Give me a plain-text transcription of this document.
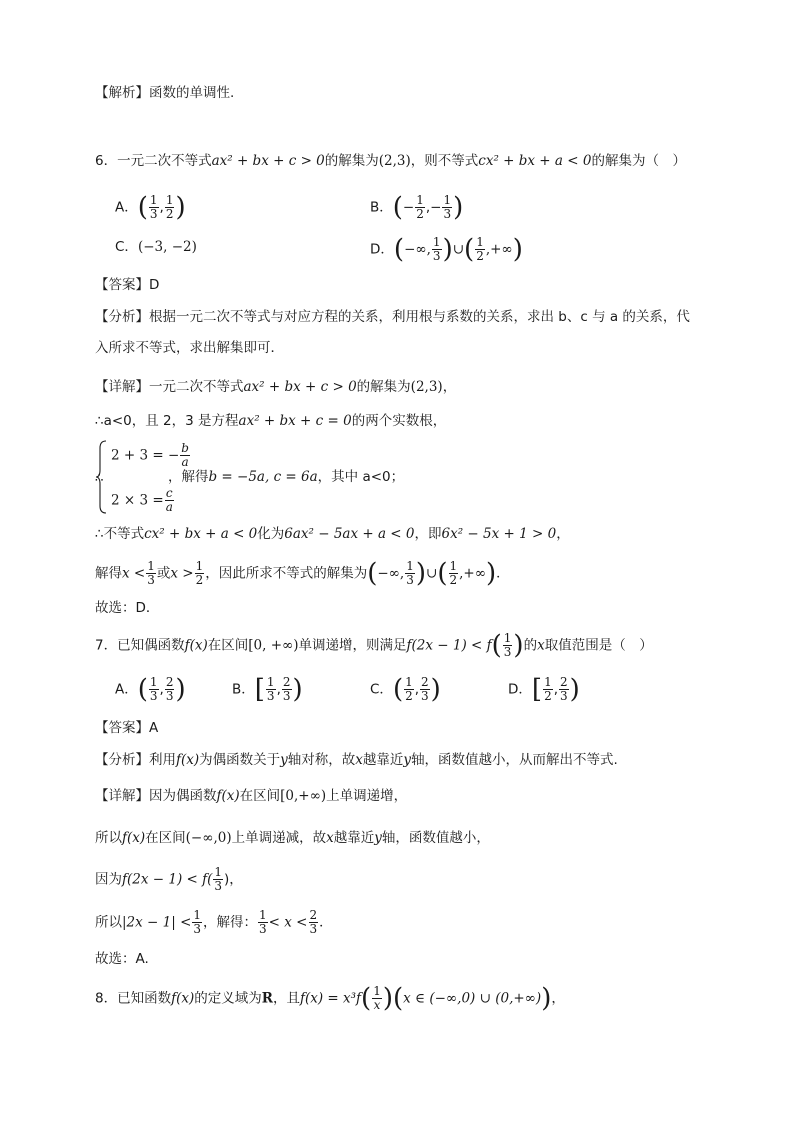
【解析】函数的单调性.
6．一元二次不等式ax² + bx + c > 0的解集为(2,3)，则不等式cx² + bx + a < 0的解集为（　）
A．( $\frac{1}{3}$ , $\frac{1}{2}$ )	B．(− $\frac{1}{2}$ ,− $\frac{1}{3}$ )
C．(−3, −2)	D．(−∞, $\frac{1}{3}$ )∪( $\frac{1}{2}$ ,+∞)
【答案】D
【分析】根据一元二次不等式与对应方程的关系，利用根与系数的关系，求出 b、c 与 a 的关系，代
入所求不等式，求出解集即可．
【详解】一元二次不等式ax² + bx + c > 0的解集为(2,3)，
∴a<0，且 2，3 是方程ax² + bx + c = 0的两个实数根，
2 + 3 = − $\frac{b}{a}$
∴	，解得b = −5a, c = 6a，其中 a<0；
$2 \times 3 = \frac{c}{a}$
∴不等式cx² + bx + a < 0化为6ax² − 5ax + a < 0，即6x² − 5x + 1 > 0，
解得$x < \frac{1}{3}$ 或$x > \frac{1}{2}$ ，因此所求不等式的解集为(−∞, $\frac{1}{3}$ )∪( $\frac{1}{2}$ ,+∞)．
故选：D．
7．已知偶函数f(x)在区间[0, +∞)单调递增，则满足$f(2x - 1) < f( \frac{1}{3}$ )的x取值范围是（　）
A．( $\frac{1}{3}$ , $\frac{2}{3}$ )	B．[ $\frac{1}{3}$ , $\frac{2}{3}$ )	C．( $\frac{1}{2}$ , $\frac{2}{3}$ )	D．[ $\frac{1}{2}$ , $\frac{2}{3}$ )
【答案】A
【分析】利用f(x)为偶函数关于y轴对称，故x越靠近y轴，函数值越小，从而解出不等式.
【详解】因为偶函数f(x)在区间[0,+∞)上单调递增，
所以f(x)在区间(−∞,0)上单调递减，故x越靠近y轴，函数值越小，
因为$f(2x - 1) < f( \frac{1}{3}$ )，
所以$|2x - 1| < \frac{1}{3}$ ，解得： $\frac{1}{3} < x < \frac{2}{3}$ ．
故选：A.
8．已知函数f(x)的定义域为R，且$f(x) = x^3f( \frac{1}{x} )(x$ ∈ (−∞,0) ∪ (0,+∞))，
